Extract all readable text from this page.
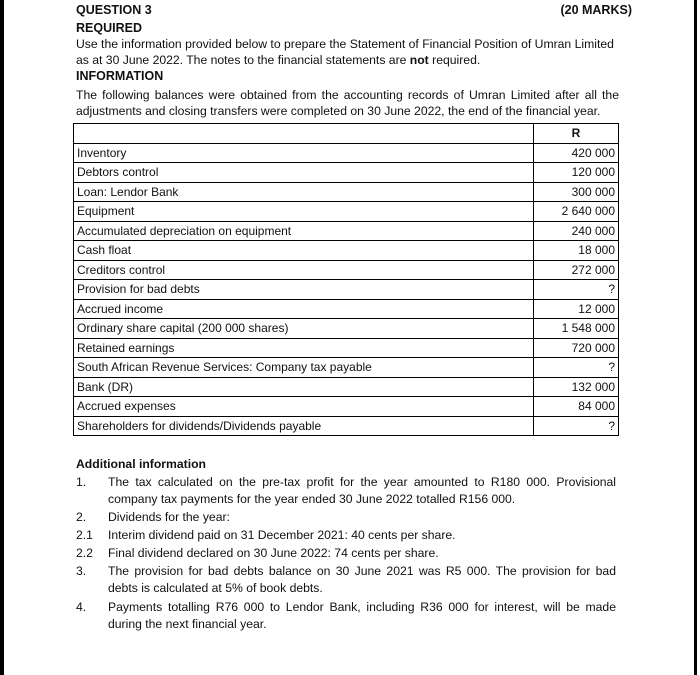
QUESTION 3	(20 MARKS)
REQUIRED
Use the information provided below to prepare the Statement of Financial Position of Umran Limited as at 30 June 2022. The notes to the financial statements are not required.
INFORMATION
The following balances were obtained from the accounting records of Umran Limited after all the adjustments and closing transfers were completed on 30 June 2022, the end of the financial year.
	R
Inventory	420 000
Debtors control	120 000
Loan: Lendor Bank	300 000
Equipment	2 640 000
Accumulated depreciation on equipment	240 000
Cash float	18 000
Creditors control	272 000
Provision for bad debts	?
Accrued income	12 000
Ordinary share capital (200 000 shares)	1 548 000
Retained earnings	720 000
South African Revenue Services: Company tax payable	?
Bank (DR)	132 000
Accrued expenses	84 000
Shareholders for dividends/Dividends payable	?
Additional information
1. The tax calculated on the pre-tax profit for the year amounted to R180 000. Provisional company tax payments for the year ended 30 June 2022 totalled R156 000.
2. Dividends for the year:
2.1 Interim dividend paid on 31 December 2021: 40 cents per share.
2.2 Final dividend declared on 30 June 2022: 74 cents per share.
3. The provision for bad debts balance on 30 June 2021 was R5 000. The provision for bad debts is calculated at 5% of book debts.
4. Payments totalling R76 000 to Lendor Bank, including R36 000 for interest, will be made during the next financial year.
